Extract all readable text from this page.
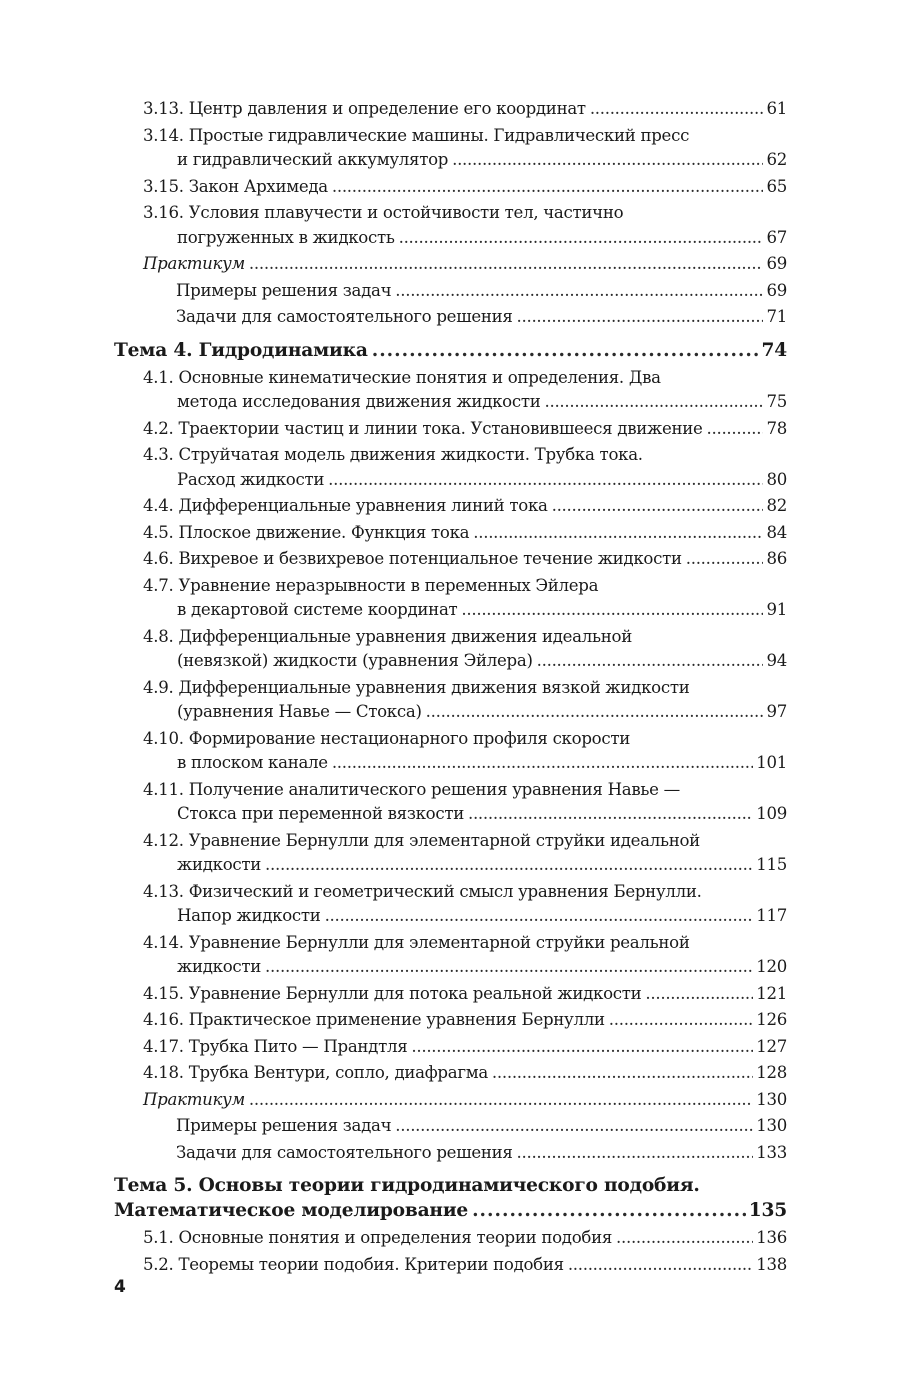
3.13. Центр давления и определение его координат .....	61
3.14. Простые гидравлические машины. Гидравлический пресс
и гидравлический аккумулятор .....	62
3.15. Закон Архимеда .....	65
3.16. Условия плавучести и остойчивости тел, частично
погруженных в жидкость .....	67
Практикум .....	69
Примеры решения задач .....	69
Задачи для самостоятельного решения .....	71
Тема 4. Гидродинамика .....	74
4.1. Основные кинематические понятия и определения. Два
метода исследования движения жидкости .....	75
4.2. Траектории частиц и линии тока. Установившееся движение .....	78
4.3. Струйчатая модель движения жидкости. Трубка тока.
Расход жидкости .....	80
4.4. Дифференциальные уравнения линий тока .....	82
4.5. Плоское движение. Функция тока .....	84
4.6. Вихревое и безвихревое потенциальное течение жидкости .....	86
4.7. Уравнение неразрывности в переменных Эйлера
в декартовой системе координат .....	91
4.8. Дифференциальные уравнения движения идеальной
(невязкой) жидкости (уравнения Эйлера) .....	94
4.9. Дифференциальные уравнения движения вязкой жидкости
(уравнения Навье — Стокса) .....	97
4.10. Формирование нестационарного профиля скорости
в плоском канале .....	101
4.11. Получение аналитического решения уравнения Навье —
Стокса при переменной вязкости .....	109
4.12. Уравнение Бернулли для элементарной струйки идеальной
жидкости .....	115
4.13. Физический и геометрический смысл уравнения Бернулли.
Напор жидкости .....	117
4.14. Уравнение Бернулли для элементарной струйки реальной
жидкости .....	120
4.15. Уравнение Бернулли для потока реальной жидкости .....	121
4.16. Практическое применение уравнения Бернулли .....	126
4.17. Трубка Пито — Прандтля .....	127
4.18. Трубка Вентури, сопло, диафрагма .....	128
Практикум .....	130
Примеры решения задач .....	130
Задачи для самостоятельного решения .....	133
Тема 5. Основы теории гидродинамического подобия.
Математическое моделирование .....	135
5.1. Основные понятия и определения теории подобия .....	136
5.2. Теоремы теории подобия. Критерии подобия .....	138
4
